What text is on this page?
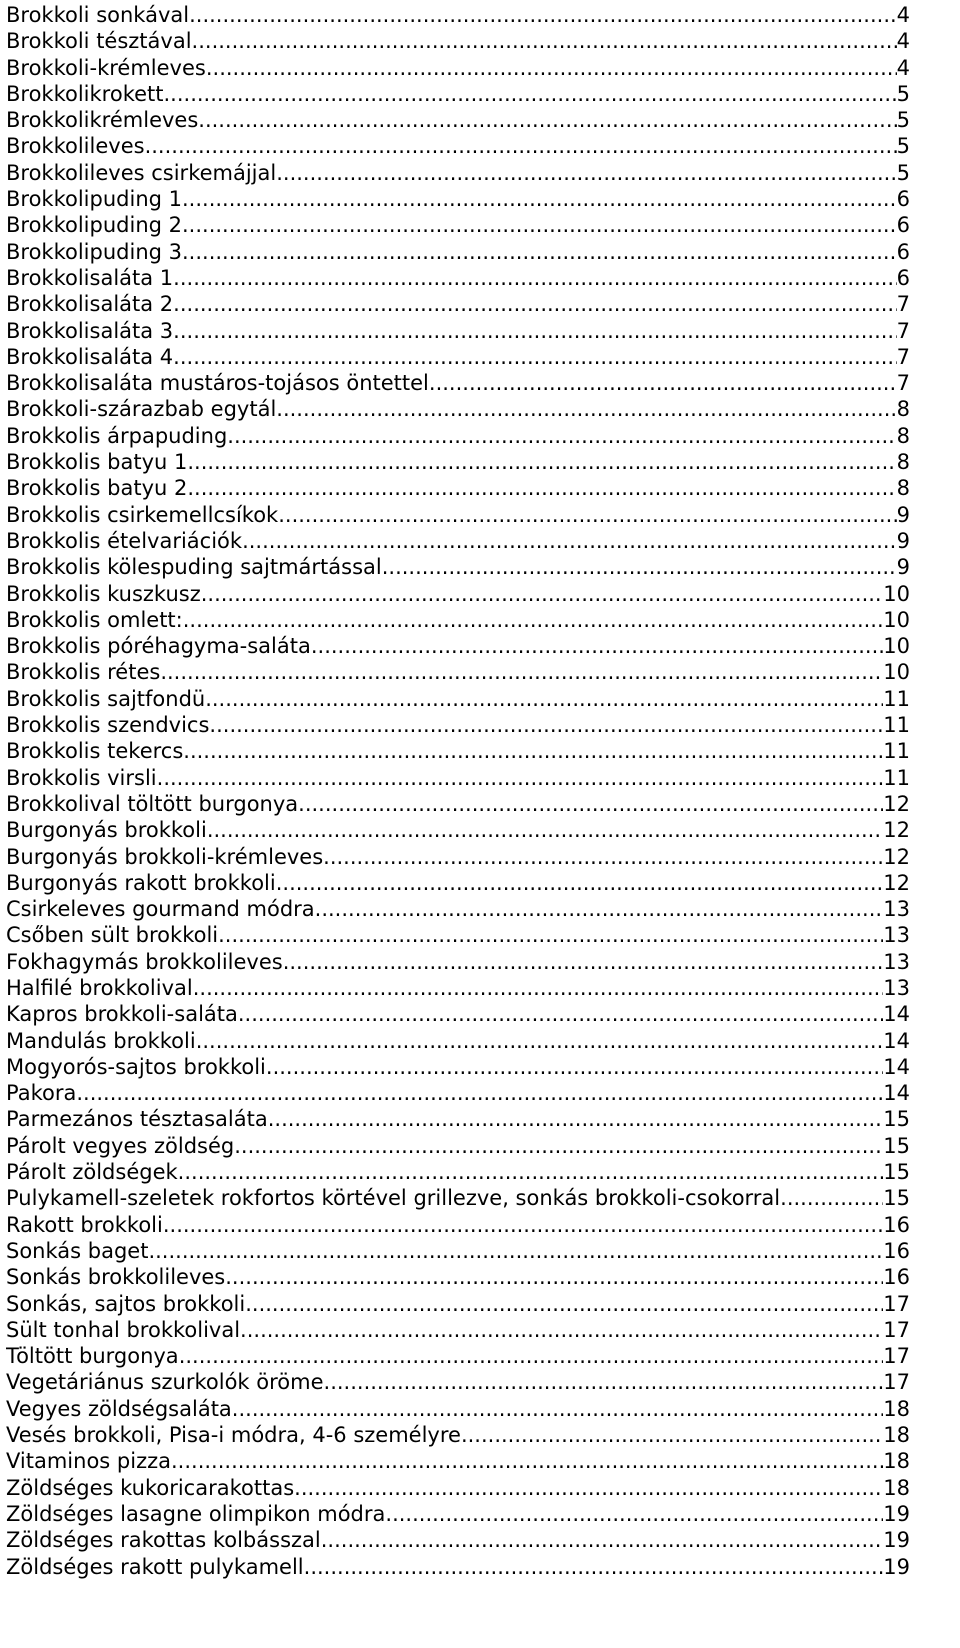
Brokkoli sonkával .....	4
Brokkoli tésztával .....	4
Brokkoli-krémleves .....	4
Brokkolikrokett .....	5
Brokkolikrémleves .....	5
Brokkolileves .....	5
Brokkolileves csirkemájjal .....	5
Brokkolipuding 1 .....	6
Brokkolipuding 2 .....	6
Brokkolipuding 3 .....	6
Brokkolisaláta 1 .....	6
Brokkolisaláta 2 .....	7
Brokkolisaláta 3 .....	7
Brokkolisaláta 4 .....	7
Brokkolisaláta mustáros-tojásos öntettel .....	7
Brokkoli-szárazbab egytál .....	8
Brokkolis árpapuding .....	8
Brokkolis batyu 1 .....	8
Brokkolis batyu 2 .....	8
Brokkolis csirkemellcsíkok .....	9
Brokkolis ételvariációk .....	9
Brokkolis kölespuding sajtmártással .....	9
Brokkolis kuszkusz .....	10
Brokkolis omlett: .....	10
Brokkolis póréhagyma-saláta .....	10
Brokkolis rétes .....	10
Brokkolis sajtfondü .....	11
Brokkolis szendvics .....	11
Brokkolis tekercs .....	11
Brokkolis virsli .....	11
Brokkolival töltött burgonya .....	12
Burgonyás brokkoli .....	12
Burgonyás brokkoli-krémleves .....	12
Burgonyás rakott brokkoli .....	12
Csirkeleves gourmand módra .....	13
Csőben sült brokkoli .....	13
Fokhagymás brokkolileves .....	13
Halfilé brokkolival .....	13
Kapros brokkoli-saláta .....	14
Mandulás brokkoli .....	14
Mogyorós-sajtos brokkoli .....	14
Pakora .....	14
Parmezános tésztasaláta .....	15
Párolt vegyes zöldség .....	15
Párolt zöldségek .....	15
Pulykamell-szeletek rokfortos körtével grillezve, sonkás brokkoli-csokorral .....	15
Rakott brokkoli .....	16
Sonkás baget .....	16
Sonkás brokkolileves .....	16
Sonkás, sajtos brokkoli .....	17
Sült tonhal brokkolival .....	17
Töltött burgonya .....	17
Vegetáriánus szurkolók öröme .....	17
Vegyes zöldségsaláta .....	18
Vesés brokkoli, Pisa-i módra, 4-6 személyre .....	18
Vitaminos pizza .....	18
Zöldséges kukoricarakottas .....	18
Zöldséges lasagne olimpikon módra .....	19
Zöldséges rakottas kolbásszal .....	19
Zöldséges rakott pulykamell .....	19
